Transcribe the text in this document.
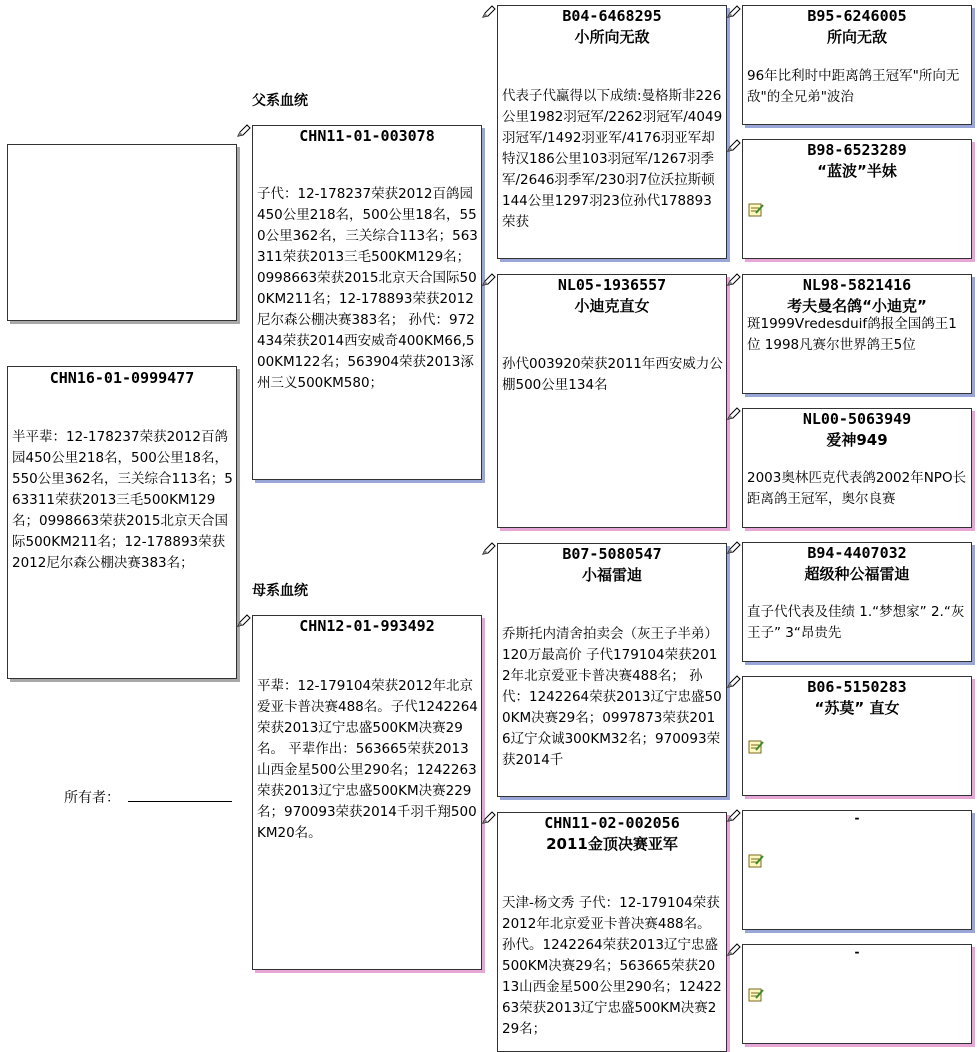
CHN16-01-0999477
半平辈：12-178237荣获2012百鸽园450公里218名，500公里18名，550公里362名，三关综合113名；563311荣获2013三毛500KM129名；0998663荣获2015北京天合国际500KM211名；12-178893荣获2012尼尔森公棚决赛383名；
所有者：
父系血统
CHN11-01-003078
子代：12-178237荣获2012百鸽园450公里218名，500公里18名，550公里362名，三关综合113名；563311荣获2013三毛500KM129名；0998663荣获2015北京天合国际500KM211名；12-178893荣获2012尼尔森公棚决赛383名； 孙代：972434荣获2014西安威奇400KM66,500KM122名；563904荣获2013涿州三义500KM580；
母系血统
CHN12-01-993492
平辈：12-179104荣获2012年北京爱亚卡普决赛488名。子代1242264荣获2013辽宁忠盛500KM决赛29名。 平辈作出：563665荣获2013山西金星500公里290名；1242263荣获2013辽宁忠盛500KM决赛229名；970093荣获2014千羽千翔500KM20名。
B04-6468295
小所向无敌
代表子代赢得以下成绩:曼格斯非226公里1982羽冠军/2262羽冠军/4049羽冠军/1492羽亚军/4176羽亚军却特汉186公里103羽冠军/1267羽季军/2646羽季军/230羽7位沃拉斯顿144公里1297羽23位孙代178893荣获
NL05-1936557
小迪克直女
孙代003920荣获2011年西安威力公棚500公里134名
B07-5080547
小福雷迪
乔斯托内清舍拍卖会（灰王子半弟）120万最高价 子代179104荣获2012年北京爱亚卡普决赛488名； 孙代：1242264荣获2013辽宁忠盛500KM决赛29名；0997873荣获2016辽宁众诚300KM32名；970093荣获2014千
CHN11-02-002056
2011金顶决赛亚军
天津-杨文秀 子代：12-179104荣获2012年北京爱亚卡普决赛488名。 孙代。1242264荣获2013辽宁忠盛500KM决赛29名；563665荣获2013山西金星500公里290名；1242263荣获2013辽宁忠盛500KM决赛229名；
B95-6246005
所向无敌
96年比利时中距离鸽王冠军"所向无敌"的全兄弟"波治
B98-6523289
“蓝波”半妹
NL98-5821416
考夫曼名鸽“小迪克”
斑1999Vredesduif鸽报全国鸽王1位 1998凡赛尔世界鸽王5位
NL00-5063949
爱神949
2003奥林匹克代表鸽2002年NPO长距离鸽王冠军，奥尔良赛
B94-4407032
超级种公福雷迪
直子代代表及佳绩 1.“梦想家” 2.“灰王子” 3“昂贵先
B06-5150283
“苏莫” 直女
-
-
